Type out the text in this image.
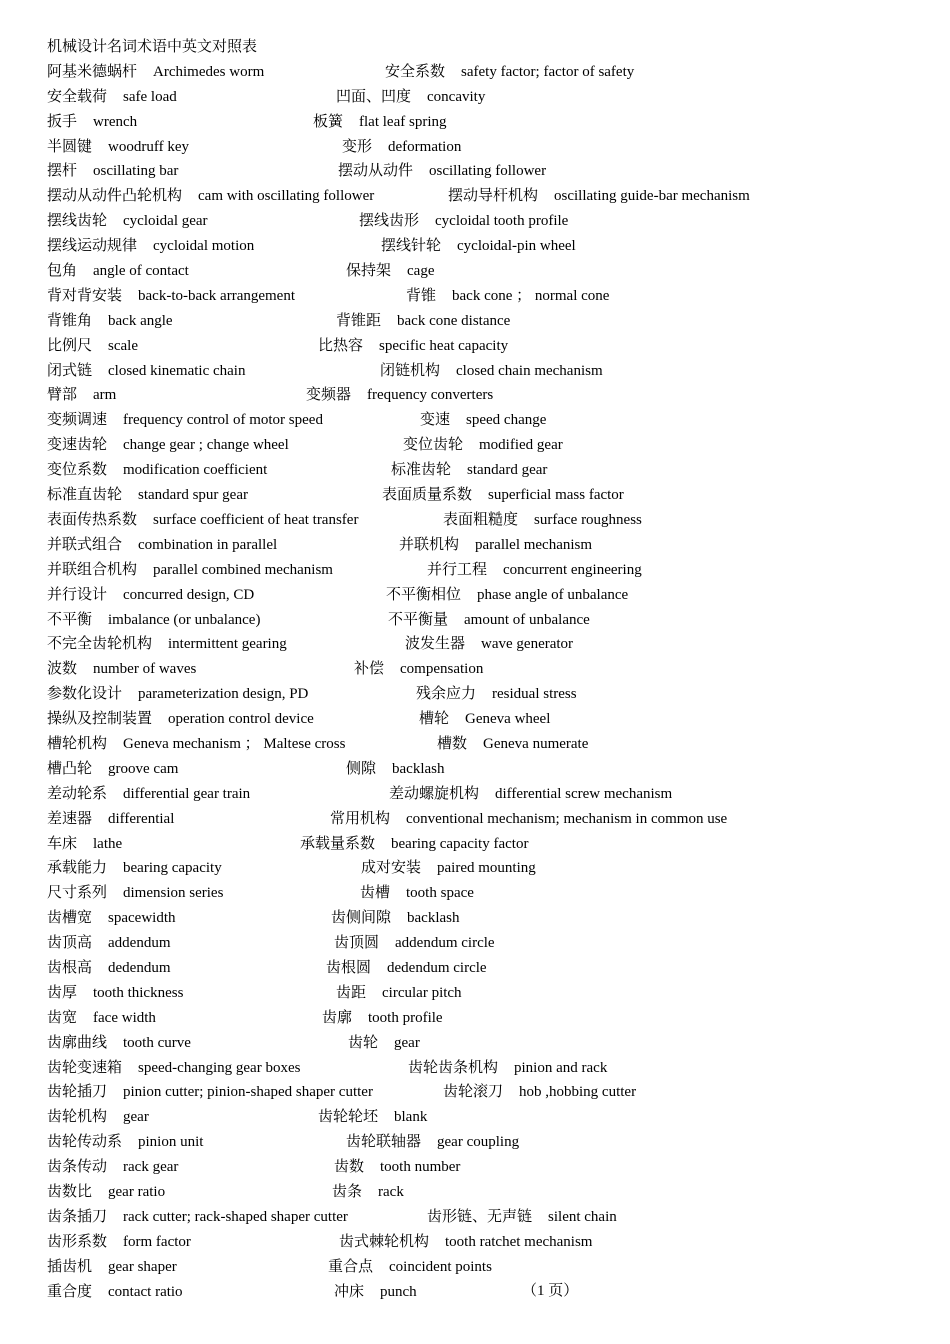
机械设计名词术语中英文对照表
阿基米德蜗杆 Archimedes worm	安全系数 safety factor; factor of safety
安全载荷 safe load	凹面、凹度 concavity
扳手 wrench	板簧 flat leaf spring
半圆键 woodruff key	变形 deformation
摆杆 oscillating bar	摆动从动件 oscillating follower
摆动从动件凸轮机构 cam with oscillating follower	摆动导杆机构 oscillating guide-bar mechanism
摆线齿轮 cycloidal gear	摆线齿形 cycloidal tooth profile
摆线运动规律 cycloidal motion	摆线针轮 cycloidal-pin wheel
包角 angle of contact	保持架 cage
背对背安装 back-to-back arrangement	背锥 back cone ； normal cone
背锥角 back angle	背锥距 back cone distance
比例尺 scale	比热容 specific heat capacity
闭式链 closed kinematic chain	闭链机构 closed chain mechanism
臂部 arm	变频器 frequency converters
变频调速 frequency control of motor speed	变速 speed change
变速齿轮 change gear ; change wheel	变位齿轮 modified gear
变位系数 modification coefficient	标准齿轮 standard gear
标准直齿轮 standard spur gear	表面质量系数 superficial mass factor
表面传热系数 surface coefficient of heat transfer	表面粗糙度 surface roughness
并联式组合 combination in parallel	并联机构 parallel mechanism
并联组合机构 parallel combined mechanism	并行工程 concurrent engineering
并行设计 concurred design, CD	不平衡相位 phase angle of unbalance
不平衡 imbalance (or unbalance)	不平衡量 amount of unbalance
不完全齿轮机构 intermittent gearing	波发生器 wave generator
波数 number of waves	补偿 compensation
参数化设计 parameterization design, PD	残余应力 residual stress
操纵及控制装置 operation control device	槽轮 Geneva wheel
槽轮机构 Geneva mechanism ； Maltese cross	槽数 Geneva numerate
槽凸轮 groove cam	侧隙 backlash
差动轮系 differential gear train	差动螺旋机构 differential screw mechanism
差速器 differential	常用机构 conventional mechanism; mechanism in common use
车床 lathe	承载量系数 bearing capacity factor
承载能力 bearing capacity	成对安装 paired mounting
尺寸系列 dimension series	齿槽 tooth space
齿槽宽 spacewidth	齿侧间隙 backlash
齿顶高 addendum	齿顶圆 addendum circle
齿根高 dedendum	齿根圆 dedendum circle
齿厚 tooth thickness	齿距 circular pitch
齿宽 face width	齿廓 tooth profile
齿廓曲线 tooth curve	齿轮 gear
齿轮变速箱 speed-changing gear boxes	齿轮齿条机构 pinion and rack
齿轮插刀 pinion cutter; pinion-shaped shaper cutter	齿轮滚刀 hob ,hobbing cutter
齿轮机构 gear	齿轮轮坯 blank
齿轮传动系 pinion unit	齿轮联轴器 gear coupling
齿条传动 rack gear	齿数 tooth number
齿数比 gear ratio	齿条 rack
齿条插刀 rack cutter; rack-shaped shaper cutter	齿形链、无声链 silent chain
齿形系数 form factor	齿式棘轮机构 tooth ratchet mechanism
插齿机 gear shaper	重合点 coincident points
重合度 contact ratio	冲床 punch	（1 页）
